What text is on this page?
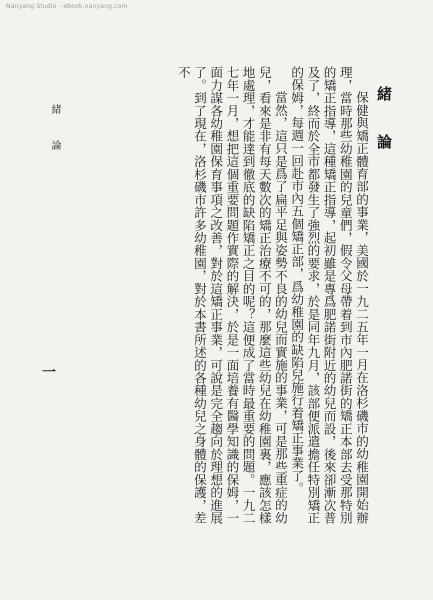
Nanyang Studio - ebook.nanyang.com
緒　論

保健與矯正體育部的事業，美國於一九二五年一月在洛杉磯市的幼稚園開始辦理，當時那些幼稚園的兒童們，假令父母帶着到市內肥諾街的矯正本部去受那特別的矯正指導，這種矯正指導，起初雖是專爲肥諾街附近的幼兒而設，後來卻漸次普及了，終而於全市都發生了強烈的要求，於是同年九月，該部便派遣擔任特別矯正的保姆，每週一回赴市內五個矯正部，爲幼稚園的缺陷兒施行着矯正事業了。

當然，這只是爲了扁平足與姿勢不良的幼兒而實施的事業，可是那些重症的幼兒，看來是非有每天數次的矯正治療不可的，那麼這些幼兒在幼稚園裏，應該怎樣地處理，才能達到徹底的缺陷矯正之目的呢？這便成了當時最重要的問題。一九二七年一月，想把這個重要問題作實際的解決，於是一面培養有醫學知識的保姆，一面力謀各幼稚園保育事項之改善，對於這矯正事業，可說是完全趨向於理想的進展了。到了現在，洛杉磯市許多幼稚園，對於本書所述的各種幼兒之身體的保護，差不

緒　論
一
